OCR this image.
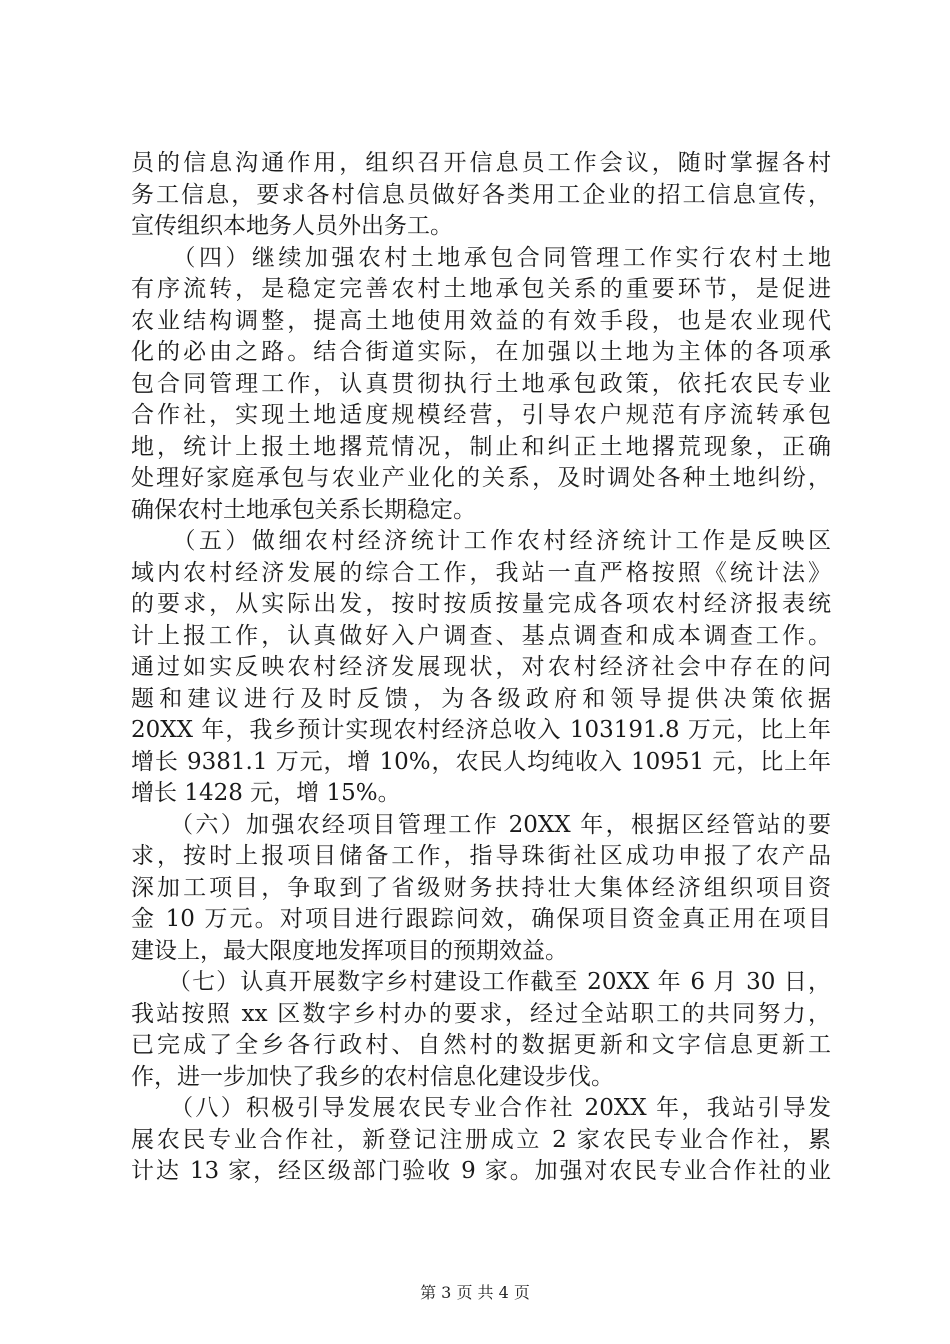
员的信息沟通作用，组织召开信息员工作会议，随时掌握各村
务工信息，要求各村信息员做好各类用工企业的招工信息宣传，
宣传组织本地务人员外出务工。
　　（四）继续加强农村土地承包合同管理工作实行农村土地
有序流转，是稳定完善农村土地承包关系的重要环节，是促进
农业结构调整，提高土地使用效益的有效手段，也是农业现代
化的必由之路。结合街道实际，在加强以土地为主体的各项承
包合同管理工作，认真贯彻执行土地承包政策，依托农民专业
合作社，实现土地适度规模经营，引导农户规范有序流转承包
地，统计上报土地撂荒情况，制止和纠正土地撂荒现象，正确
处理好家庭承包与农业产业化的关系，及时调处各种土地纠纷，
确保农村土地承包关系长期稳定。
　　（五）做细农村经济统计工作农村经济统计工作是反映区
域内农村经济发展的综合工作，我站一直严格按照《统计法》
的要求，从实际出发，按时按质按量完成各项农村经济报表统
计上报工作，认真做好入户调查、基点调查和成本调查工作。
通过如实反映农村经济发展现状，对农村经济社会中存在的问
题和建议进行及时反馈，为各级政府和领导提供决策依据
20XX 年，我乡预计实现农村经济总收入 103191.8 万元，比上年
增长 9381.1 万元，增 10%，农民人均纯收入 10951 元，比上年
增长 1428 元，增 15%。
　　（六）加强农经项目管理工作 20XX 年，根据区经管站的要
求，按时上报项目储备工作，指导珠街社区成功申报了农产品
深加工项目，争取到了省级财务扶持壮大集体经济组织项目资
金 10 万元。对项目进行跟踪问效，确保项目资金真正用在项目
建设上，最大限度地发挥项目的预期效益。
　　（七）认真开展数字乡村建设工作截至 20XX 年 6 月 30 日，
我站按照 xx 区数字乡村办的要求，经过全站职工的共同努力，
已完成了全乡各行政村、自然村的数据更新和文字信息更新工
作，进一步加快了我乡的农村信息化建设步伐。
　　（八）积极引导发展农民专业合作社 20XX 年，我站引导发
展农民专业合作社，新登记注册成立 2 家农民专业合作社，累
计达 13 家，经区级部门验收 9 家。加强对农民专业合作社的业
第 3 页 共 4 页
